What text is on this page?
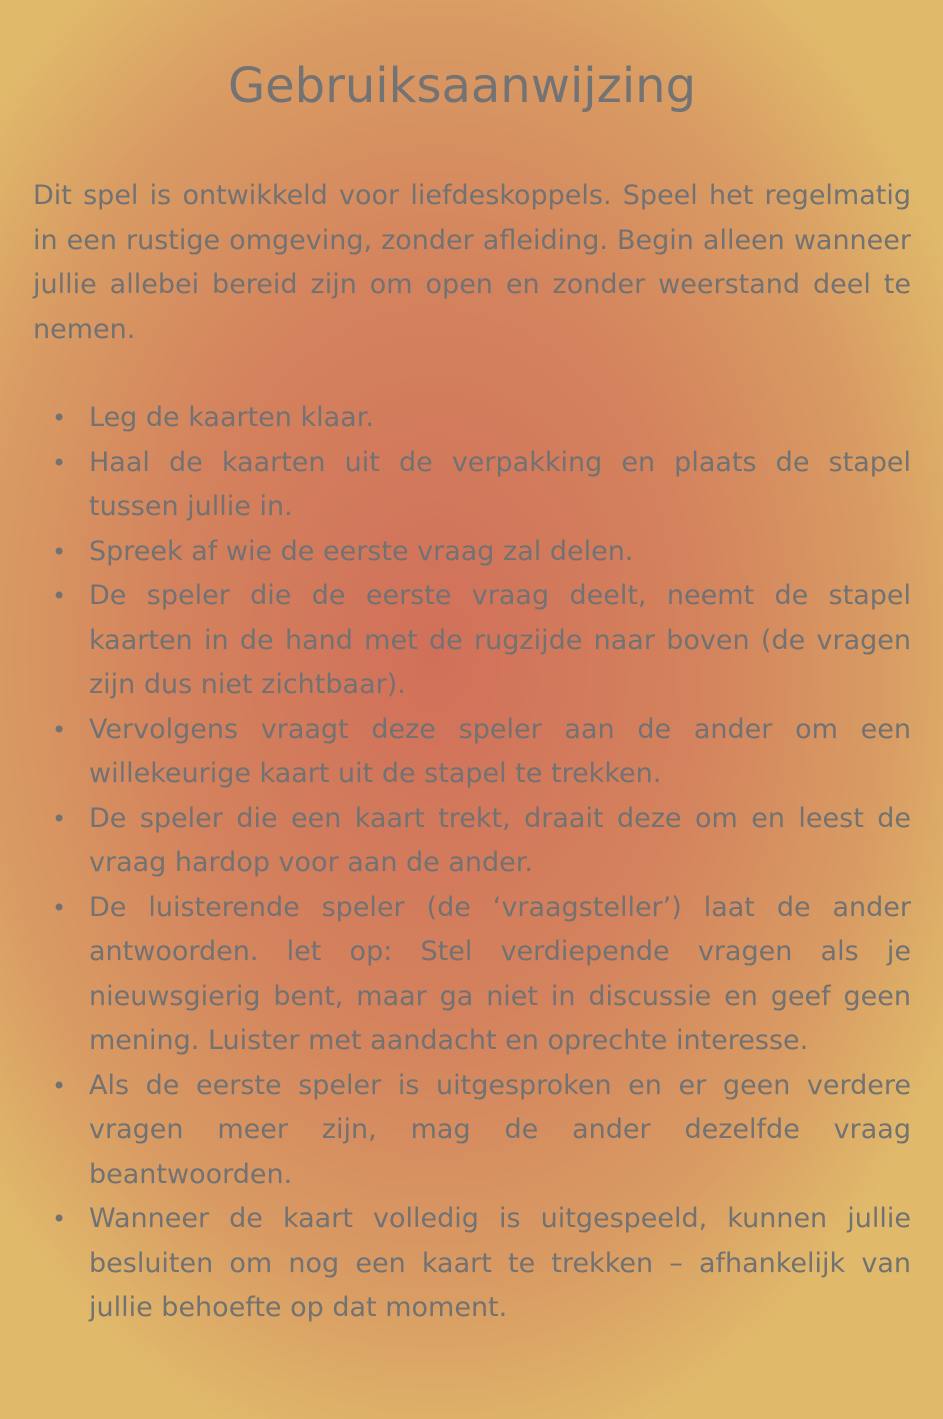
Gebruiksaanwijzing

Dit spel is ontwikkeld voor liefdeskoppels. Speel het regelmatig in een rustige omgeving, zonder afleiding. Begin alleen wanneer jullie allebei bereid zijn om open en zonder weerstand deel te nemen.

• Leg de kaarten klaar.
• Haal de kaarten uit de verpakking en plaats de stapel tussen jullie in.
• Spreek af wie de eerste vraag zal delen.
• De speler die de eerste vraag deelt, neemt de stapel kaarten in de hand met de rugzijde naar boven (de vragen zijn dus niet zichtbaar).
• Vervolgens vraagt deze speler aan de ander om een willekeurige kaart uit de stapel te trekken.
• De speler die een kaart trekt, draait deze om en leest de vraag hardop voor aan de ander.
• De luisterende speler (de ‘vraagsteller’) laat de ander antwoorden. let op: Stel verdiepende vragen als je nieuwsgierig bent, maar ga niet in discussie en geef geen mening. Luister met aandacht en oprechte interesse.
• Als de eerste speler is uitgesproken en er geen verdere vragen meer zijn, mag de ander dezelfde vraag beantwoorden.
• Wanneer de kaart volledig is uitgespeeld, kunnen jullie besluiten om nog een kaart te trekken – afhankelijk van jullie behoefte op dat moment.
